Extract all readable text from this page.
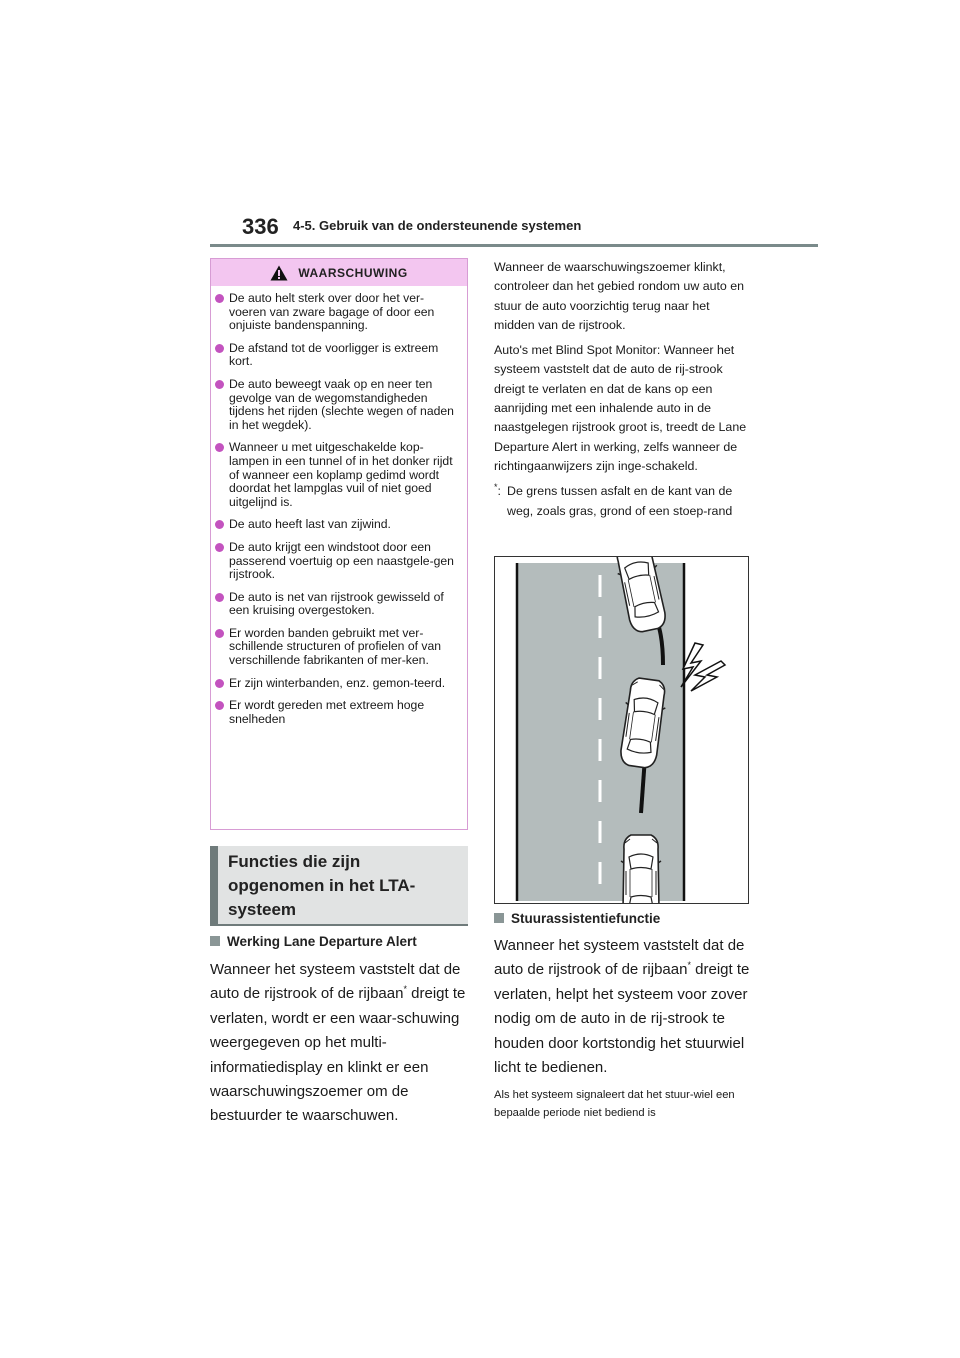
336 4-5. Gebruik van de ondersteunende systemen
WAARSCHUWING
De auto helt sterk over door het ver-voeren van zware bagage of door een onjuiste bandenspanning.
De afstand tot de voorligger is extreem kort.
De auto beweegt vaak op en neer ten gevolge van de wegomstandigheden tijdens het rijden (slechte wegen of naden in het wegdek).
Wanneer u met uitgeschakelde kop-lampen in een tunnel of in het donker rijdt of wanneer een koplamp gedimd wordt doordat het lampglas vuil of niet goed uitgelijnd is.
De auto heeft last van zijwind.
De auto krijgt een windstoot door een passerend voertuig op een naastgele-gen rijstrook.
De auto is net van rijstrook gewisseld of een kruising overgestoken.
Er worden banden gebruikt met ver-schillende structuren of profielen of van verschillende fabrikanten of mer-ken.
Er zijn winterbanden, enz. gemon-teerd.
Er wordt gereden met extreem hoge snelheden
Functies die zijn opgenomen in het LTA-systeem
Werking Lane Departure Alert
Wanneer het systeem vaststelt dat de auto de rijstrook of de rijbaan* dreigt te verlaten, wordt er een waar-schuwing weergegeven op het multi-informatiedisplay en klinkt er een waarschuwingszoemer om de bestuurder te waarschuwen.

Wanneer de waarschuwingszoemer klinkt, controleer dan het gebied rondom uw auto en stuur de auto voorzichtig terug naar het midden van de rijstrook.

Auto's met Blind Spot Monitor: Wanneer het systeem vaststelt dat de auto de rij-strook dreigt te verlaten en dat de kans op een aanrijding met een inhalende auto in de naastgelegen rijstrook groot is, treedt de Lane Departure Alert in werking, zelfs wanneer de richtingaanwijzers zijn inge-schakeld.

*: De grens tussen asfalt en de kant van de weg, zoals gras, grond of een stoep-rand
Stuurassistentiefunctie
Wanneer het systeem vaststelt dat de auto de rijstrook of de rijbaan* dreigt te verlaten, helpt het systeem voor zover nodig om de auto in de rij-strook te houden door kortstondig het stuurwiel licht te bedienen.
Als het systeem signaleert dat het stuur-wiel een bepaalde periode niet bediend is
